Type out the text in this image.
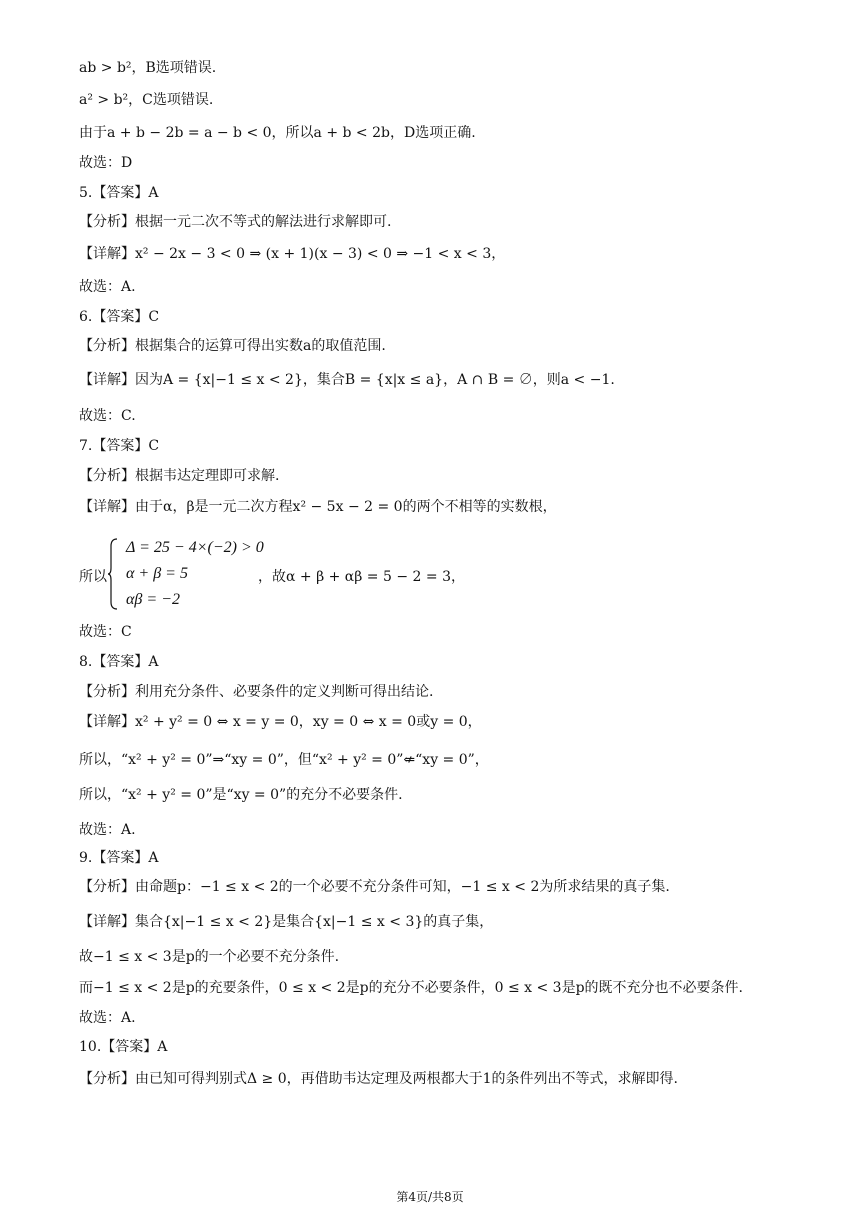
ab > b²，B选项错误.
a² > b²，C选项错误.
由于a + b − 2b = a − b < 0，所以a + b < 2b，D选项正确.
故选：D
5.【答案】A
【分析】根据一元二次不等式的解法进行求解即可.
【详解】x² − 2x − 3 < 0 ⇒ (x + 1)(x − 3) < 0 ⇒ −1 < x < 3，
故选：A.
6.【答案】C
【分析】根据集合的运算可得出实数a的取值范围.
【详解】因为A = {x|−1 ≤ x < 2}，集合B = {x|x ≤ a}，A ∩ B = ∅，则a < −1.
故选：C.
7.【答案】C
【分析】根据韦达定理即可求解.
【详解】由于α，β是一元二次方程x² − 5x − 2 = 0的两个不相等的实数根，
故选：C
8.【答案】A
【分析】利用充分条件、必要条件的定义判断可得出结论.
【详解】x² + y² = 0 ⇔ x = y = 0，xy = 0 ⇔ x = 0或y = 0，
所以，“x² + y² = 0”⇒“xy = 0”，但“x² + y² = 0”⇍“xy = 0”，
所以，“x² + y² = 0”是“xy = 0”的充分不必要条件.
故选：A.
9.【答案】A
【分析】由命题p：−1 ≤ x < 2的一个必要不充分条件可知，−1 ≤ x < 2为所求结果的真子集.
【详解】集合{x|−1 ≤ x < 2}是集合{x|−1 ≤ x < 3}的真子集，
故−1 ≤ x < 3是p的一个必要不充分条件.
而−1 ≤ x < 2是p的充要条件，0 ≤ x < 2是p的充分不必要条件，0 ≤ x < 3是p的既不充分也不必要条件.
故选：A.
10.【答案】A
【分析】由已知可得判别式Δ ≥ 0，再借助韦达定理及两根都大于1的条件列出不等式，求解即得.
所以
Δ = 25 − 4×(−2) > 0
α + β = 5
αβ = −2
，故α + β + αβ = 5 − 2 = 3，
第4页/共8页
